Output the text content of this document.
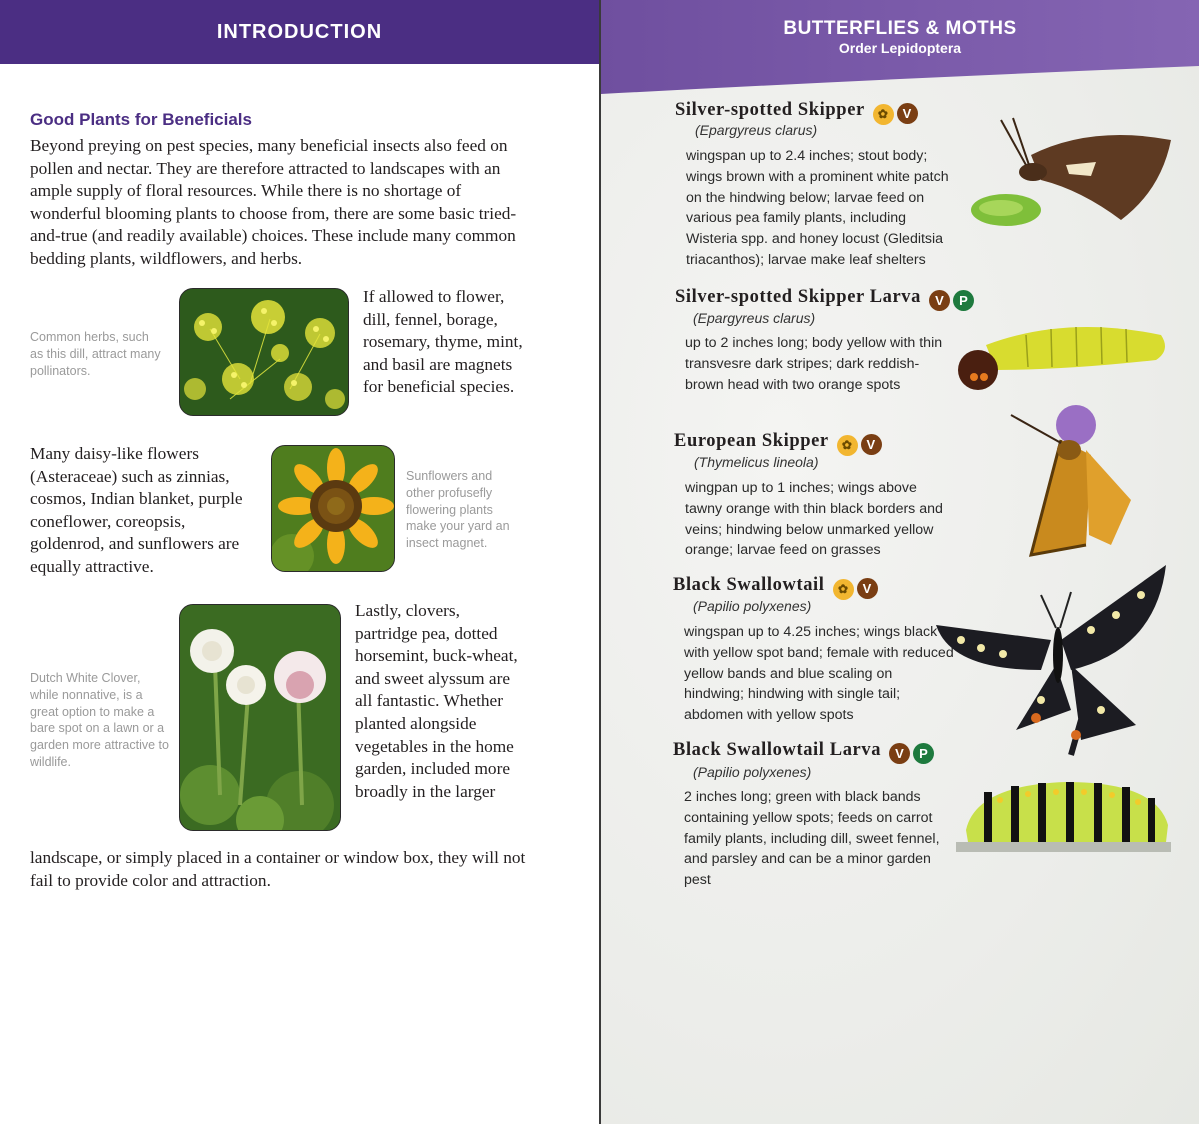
INTRODUCTION
Good Plants for Beneficials
Beyond preying on pest species, many beneficial insects also feed on pollen and nectar. They are therefore attracted to landscapes with an ample supply of floral resources. While there is no shortage of wonderful blooming plants to choose from, there are some basic tried-and-true (and readily available) choices. These include many common bedding plants, wildflowers, and herbs.
Common herbs, such as this dill, attract many pollinators.
If allowed to flower, dill, fennel, borage, rosemary, thyme, mint, and basil are magnets for beneficial species.
Many daisy-like flowers (Asteraceae) such as zinnias, cosmos, Indian blanket, purple coneflower, coreopsis, goldenrod, and sunflowers are equally attractive.
Sunflowers and other profusefly flowering plants make your yard an insect magnet.
Dutch White Clover, while nonnative, is a great option to make a bare spot on a lawn or a garden more attractive to wildlife.
Lastly, clovers, partridge pea, dotted horsemint, buck-wheat, and sweet alyssum are all fantastic. Whether planted alongside vegetables in the home garden, included more broadly in the larger
landscape, or simply placed in a container or window box, they will not fail to provide color and attraction.
BUTTERFLIES & MOTHS
Order Lepidoptera
Silver-spotted Skipper ✿ V
(Epargyreus clarus)
wingspan up to 2.4 inches; stout body; wings brown with a prominent white patch on the hindwing below; larvae feed on various pea family plants, including Wisteria spp. and honey locust (Gleditsia triacanthos); larvae make leaf shelters
Silver-spotted Skipper Larva V P
(Epargyreus clarus)
up to 2 inches long; body yellow with thin transvesre dark stripes; dark reddish-brown head with two orange spots
European Skipper ✿ V
(Thymelicus lineola)
wingpan up to 1 inches; wings above tawny orange with thin black borders and veins; hindwing below unmarked yellow orange; larvae feed on grasses
Black Swallowtail ✿ V
(Papilio polyxenes)
wingspan up to 4.25 inches; wings black with yellow spot band; female with reduced yellow bands and blue scaling on hindwing; hindwing with single tail; abdomen with yellow spots
Black Swallowtail Larva V P
(Papilio polyxenes)
2 inches long; green with black bands containing yellow spots; feeds on carrot family plants, including dill, sweet fennel, and parsley and can be a minor garden pest
